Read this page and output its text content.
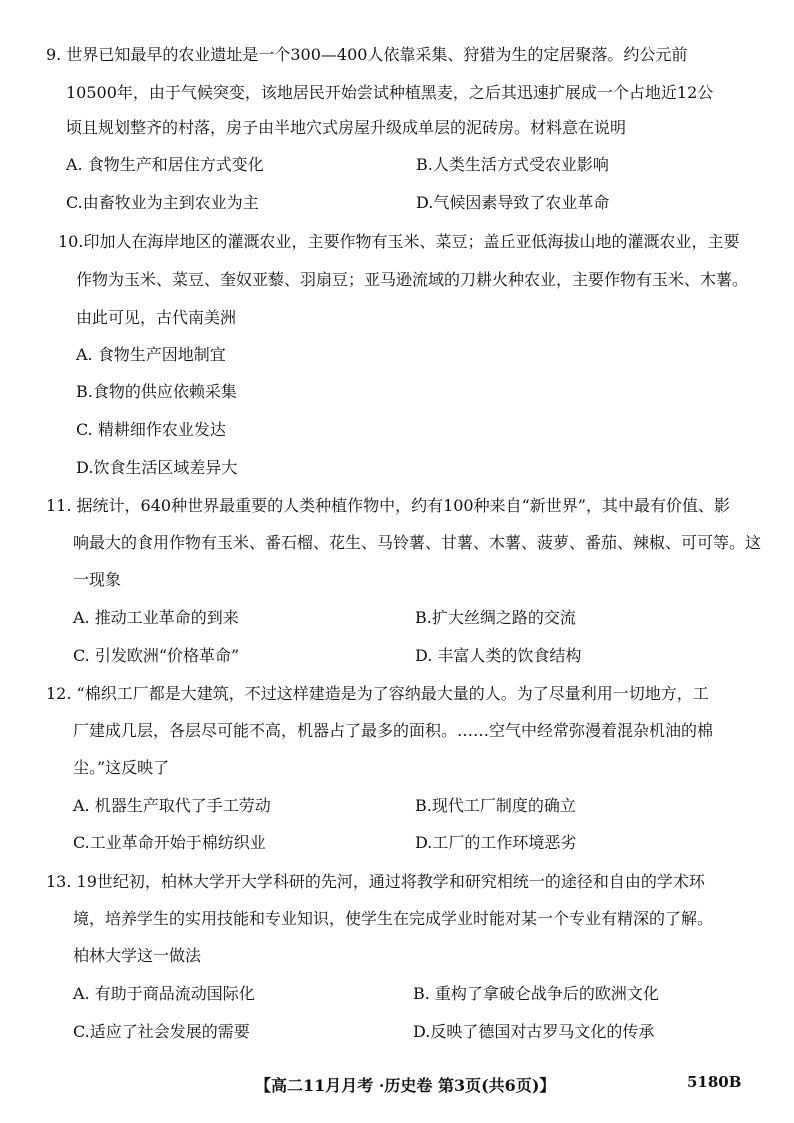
9. 世界已知最早的农业遗址是一个300—400人依靠采集、狩猎为生的定居聚落。约公元前
10500年，由于气候突变，该地居民开始尝试种植黑麦，之后其迅速扩展成一个占地近12公
顷且规划整齐的村落，房子由半地穴式房屋升级成单层的泥砖房。材料意在说明
A. 食物生产和居住方式变化	B.人类生活方式受农业影响
C.由畜牧业为主到农业为主	D.气候因素导致了农业革命
10.印加人在海岸地区的灌溉农业，主要作物有玉米、菜豆；盖丘亚低海拔山地的灌溉农业，主要
作物为玉米、菜豆、奎奴亚藜、羽扇豆；亚马逊流域的刀耕火种农业，主要作物有玉米、木薯。
由此可见，古代南美洲
A. 食物生产因地制宜
B.食物的供应依赖采集
C. 精耕细作农业发达
D.饮食生活区域差异大
11. 据统计，640种世界最重要的人类种植作物中，约有100种来自“新世界”，其中最有价值、影
响最大的食用作物有玉米、番石榴、花生、马铃薯、甘薯、木薯、菠萝、番茄、辣椒、可可等。这
一现象
A. 推动工业革命的到来	B.扩大丝绸之路的交流
C. 引发欧洲“价格革命”	D. 丰富人类的饮食结构
12. “棉织工厂都是大建筑，不过这样建造是为了容纳最大量的人。为了尽量利用一切地方，工
厂建成几层，各层尽可能不高，机器占了最多的面积。……空气中经常弥漫着混杂机油的棉
尘。”这反映了
A. 机器生产取代了手工劳动	B.现代工厂制度的确立
C.工业革命开始于棉纺织业	D.工厂的工作环境恶劣
13. 19世纪初，柏林大学开大学科研的先河，通过将教学和研究相统一的途径和自由的学术环
境，培养学生的实用技能和专业知识，使学生在完成学业时能对某一个专业有精深的了解。
柏林大学这一做法
A. 有助于商品流动国际化	B. 重构了拿破仑战争后的欧洲文化
C.适应了社会发展的需要	D.反映了德国对古罗马文化的传承
【高二11月月考 ·历史卷 第3页(共6页)】	5180B
